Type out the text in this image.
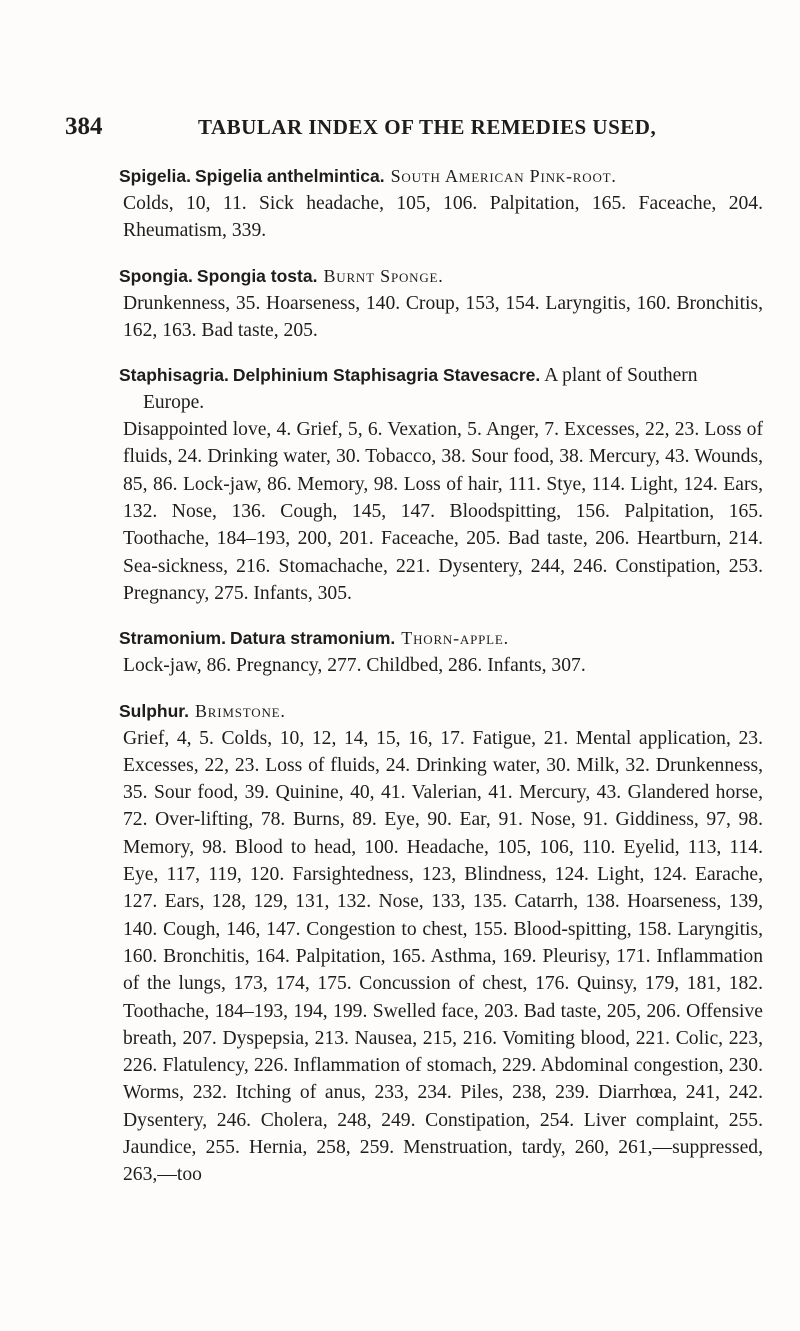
384	TABULAR INDEX OF THE REMEDIES USED,
Spigelia. Spigelia anthelmintica. South American Pink-root.
Colds, 10, 11. Sick headache, 105, 106. Palpitation, 165. Faceache, 204. Rheumatism, 339.
Spongia. Spongia tosta. Burnt Sponge.
Drunkenness, 35. Hoarseness, 140. Croup, 153, 154. Laryngitis, 160. Bronchitis, 162, 163. Bad taste, 205.
Staphisagria. Delphinium Staphisagria Stavesacre. A plant of Southern Europe.
Disappointed love, 4. Grief, 5, 6. Vexation, 5. Anger, 7. Excesses, 22, 23. Loss of fluids, 24. Drinking water, 30. Tobacco, 38. Sour food, 38. Mercury, 43. Wounds, 85, 86. Lock-jaw, 86. Memory, 98. Loss of hair, 111. Stye, 114. Light, 124. Ears, 132. Nose, 136. Cough, 145, 147. Bloodspitting, 156. Palpitation, 165. Toothache, 184–193, 200, 201. Faceache, 205. Bad taste, 206. Heartburn, 214. Sea-sickness, 216. Stomachache, 221. Dysentery, 244, 246. Constipation, 253. Pregnancy, 275. Infants, 305.
Stramonium. Datura stramonium. Thorn-apple.
Lock-jaw, 86. Pregnancy, 277. Childbed, 286. Infants, 307.
Sulphur. Brimstone.
Grief, 4, 5. Colds, 10, 12, 14, 15, 16, 17. Fatigue, 21. Mental application, 23. Excesses, 22, 23. Loss of fluids, 24. Drinking water, 30. Milk, 32. Drunkenness, 35. Sour food, 39. Quinine, 40, 41. Valerian, 41. Mercury, 43. Glandered horse, 72. Over-lifting, 78. Burns, 89. Eye, 90. Ear, 91. Nose, 91. Giddiness, 97, 98. Memory, 98. Blood to head, 100. Headache, 105, 106, 110. Eyelid, 113, 114. Eye, 117, 119, 120. Farsightedness, 123, Blindness, 124. Light, 124. Earache, 127. Ears, 128, 129, 131, 132. Nose, 133, 135. Catarrh, 138. Hoarseness, 139, 140. Cough, 146, 147. Congestion to chest, 155. Blood-spitting, 158. Laryngitis, 160. Bronchitis, 164. Palpitation, 165. Asthma, 169. Pleurisy, 171. Inflammation of the lungs, 173, 174, 175. Concussion of chest, 176. Quinsy, 179, 181, 182. Toothache, 184–193, 194, 199. Swelled face, 203. Bad taste, 205, 206. Offensive breath, 207. Dyspepsia, 213. Nausea, 215, 216. Vomiting blood, 221. Colic, 223, 226. Flatulency, 226. Inflammation of stomach, 229. Abdominal congestion, 230. Worms, 232. Itching of anus, 233, 234. Piles, 238, 239. Diarrhœa, 241, 242. Dysentery, 246. Cholera, 248, 249. Constipation, 254. Liver complaint, 255. Jaundice, 255. Hernia, 258, 259. Menstruation, tardy, 260, 261,—suppressed, 263,—too
